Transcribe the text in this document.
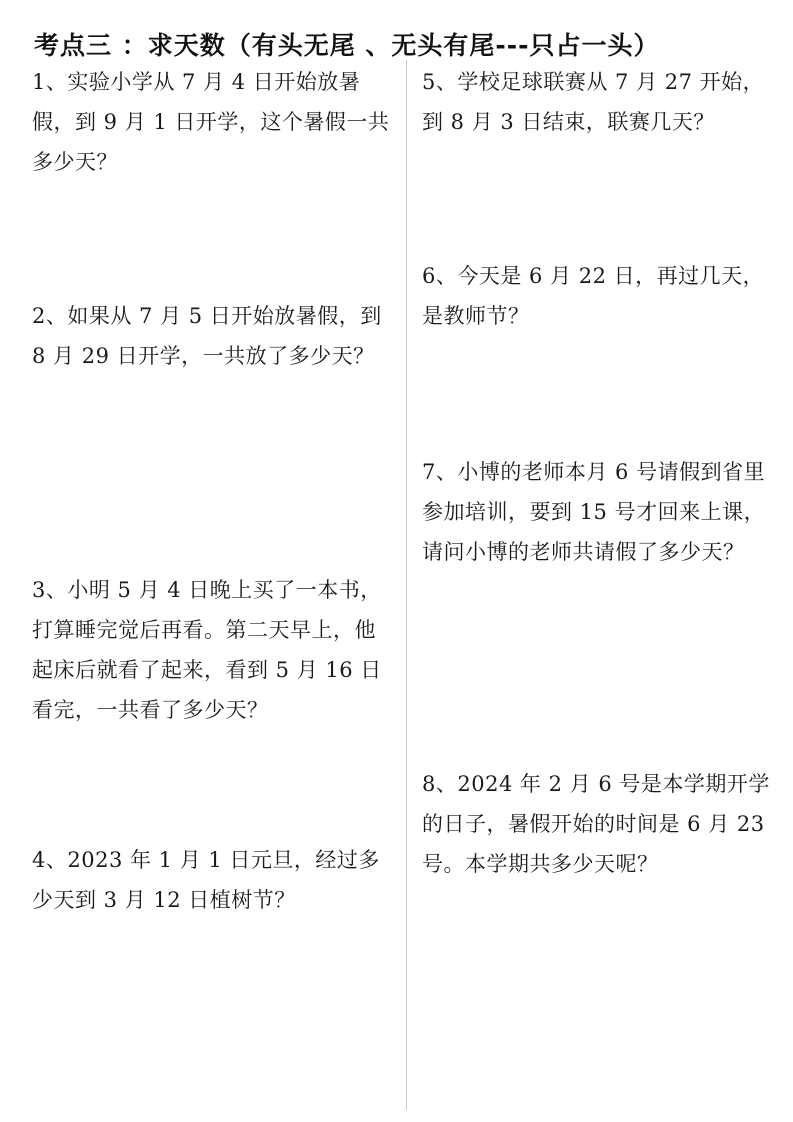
考点三 ：求天数（有头无尾 、无头有尾---只占一头）
1、实验小学从 7 月 4 日开始放暑假，到 9 月 1 日开学，这个暑假一共多少天？
2、如果从 7 月 5 日开始放暑假，到 8 月 29 日开学，一共放了多少天？
3、小明 5 月 4 日晚上买了一本书，打算睡完觉后再看。第二天早上，他起床后就看了起来，看到 5 月 16 日看完，一共看了多少天？
4、2023 年 1 月 1 日元旦，经过多少天到 3 月 12 日植树节？
5、学校足球联赛从 7 月 27 开始，到 8 月 3 日结束，联赛几天？
6、今天是 6 月 22 日，再过几天，是教师节？
7、小博的老师本月 6 号请假到省里参加培训，要到 15 号才回来上课，请问小博的老师共请假了多少天？
8、2024 年 2 月 6 号是本学期开学的日子，暑假开始的时间是 6 月 23 号。本学期共多少天呢？
